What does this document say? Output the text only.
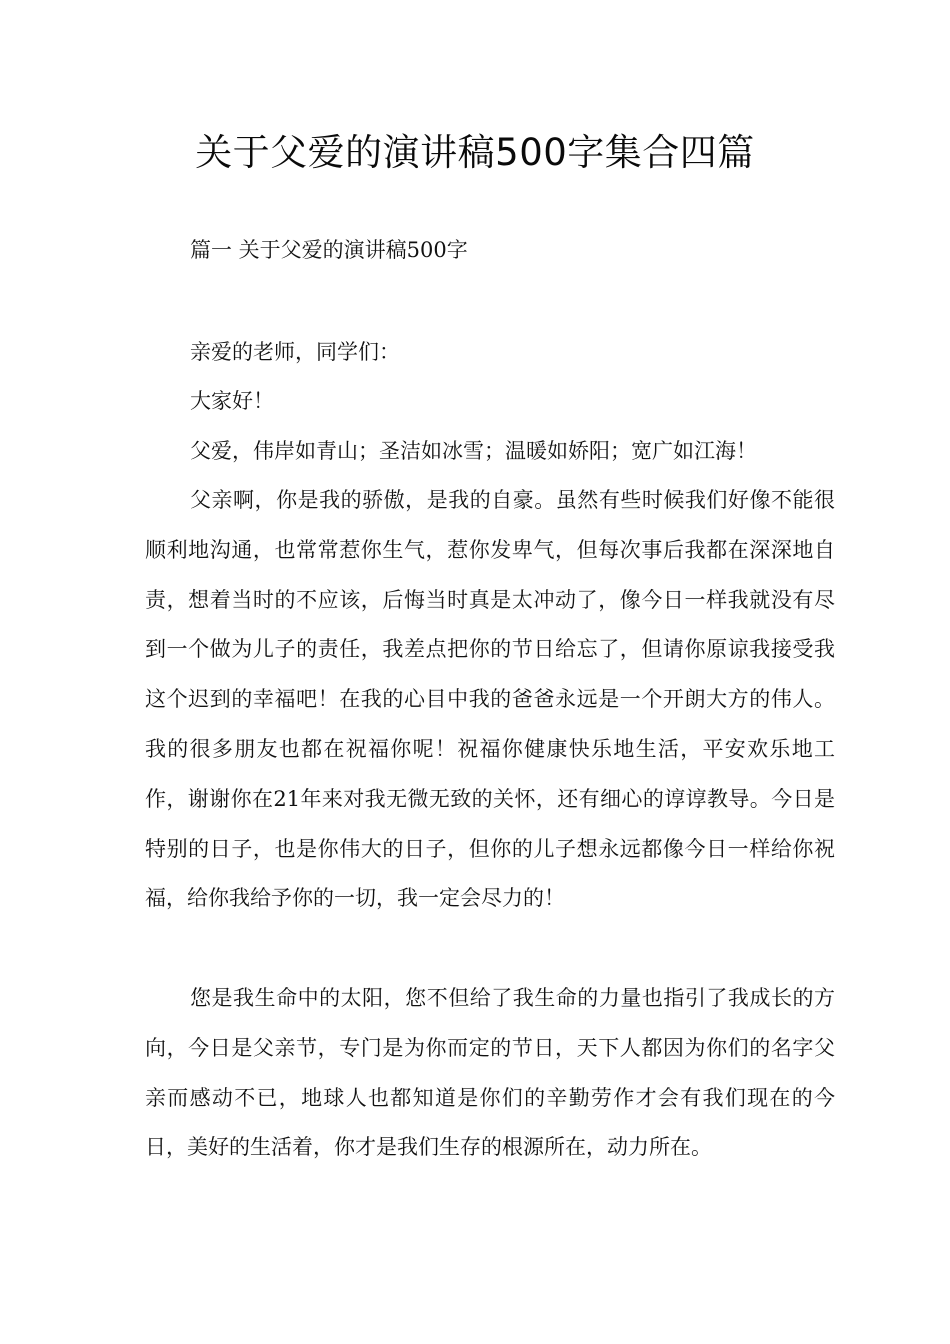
关于父爱的演讲稿500字集合四篇
篇一 关于父爱的演讲稿500字
亲爱的老师，同学们：
大家好！
父爱，伟岸如青山；圣洁如冰雪；温暖如娇阳；宽广如江海！
父亲啊，你是我的骄傲，是我的自豪。虽然有些时候我们好像不能很顺利地沟通，也常常惹你生气，惹你发卑气，但每次事后我都在深深地自责，想着当时的不应该，后悔当时真是太冲动了，像今日一样我就没有尽到一个做为儿子的责任，我差点把你的节日给忘了，但请你原谅我接受我这个迟到的幸福吧！在我的心目中我的爸爸永远是一个开朗大方的伟人。我的很多朋友也都在祝福你呢！祝福你健康快乐地生活，平安欢乐地工作，谢谢你在21年来对我无微无致的关怀，还有细心的谆谆教导。今日是特别的日子，也是你伟大的日子，但你的儿子想永远都像今日一样给你祝福，给你我给予你的一切，我一定会尽力的！
您是我生命中的太阳，您不但给了我生命的力量也指引了我成长的方向，今日是父亲节，专门是为你而定的节日，天下人都因为你们的名字父亲而感动不已，地球人也都知道是你们的辛勤劳作才会有我们现在的今日，美好的生活着，你才是我们生存的根源所在，动力所在。
